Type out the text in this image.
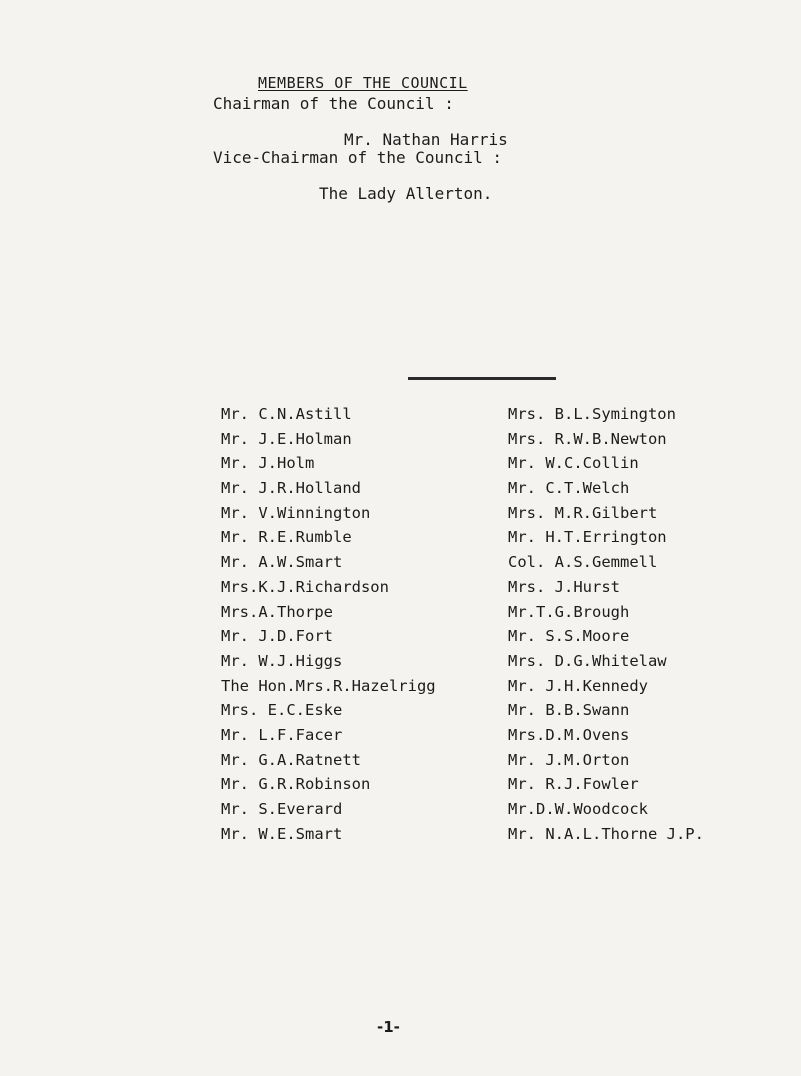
MEMBERS OF THE COUNCIL
Chairman of the Council :
Mr. Nathan Harris
Vice-Chairman of the Council :
The Lady Allerton.
Mr. C.N.Astill
Mr. J.E.Holman
Mr. J.Holm
Mr. J.R.Holland
Mr. V.Winnington
Mr. R.E.Rumble
Mr. A.W.Smart
Mrs.K.J.Richardson
Mrs.A.Thorpe
Mr. J.D.Fort
Mr. W.J.Higgs
The Hon.Mrs.R.Hazelrigg
Mrs. E.C.Eske
Mr. L.F.Facer
Mr. G.A.Ratnett
Mr. G.R.Robinson
Mr. S.Everard
Mr. W.E.Smart
Mrs. B.L.Symington
Mrs. R.W.B.Newton
Mr. W.C.Collin
Mr. C.T.Welch
Mrs. M.R.Gilbert
Mr. H.T.Errington
Col. A.S.Gemmell
Mrs. J.Hurst
Mr.T.G.Brough
Mr. S.S.Moore
Mrs. D.G.Whitelaw
Mr. J.H.Kennedy
Mr. B.B.Swann
Mrs.D.M.Ovens
Mr. J.M.Orton
Mr. R.J.Fowler
Mr.D.W.Woodcock
Mr. N.A.L.Thorne J.P.
-1-
